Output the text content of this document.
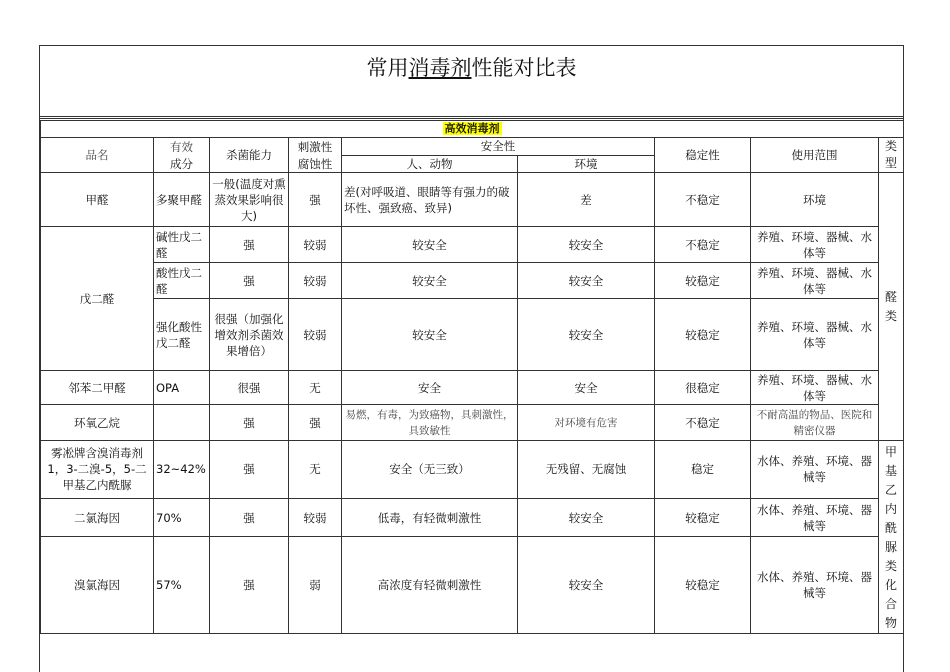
常用消毒剂性能对比表
高效消毒剂								
品名	有效	杀菌能力	刺激性	安全性		稳定性	使用范围	类型

	成分		腐蚀性	人、动物	环境			
甲醛	多聚甲醛	一般(温度对熏蒸效果影响很大)	强	差(对呼吸道、眼睛等有强力的破坏性、强致癌、致异)	差	不稳定	环境	醛类

戊二醛	碱性戊二醛	强	较弱	较安全	较安全	不稳定	养殖、环境、器械、水体等	
	酸性戊二醛	强	较弱	较安全	较安全	较稳定	养殖、环境、器械、水体等	
	强化酸性戊二醛	很强（加强化增效剂杀菌效果增倍）	较弱	较安全	较安全	较稳定	养殖、环境、器械、水体等	
邻苯二甲醛	OPA	很强	无	安全	安全	很稳定	养殖、环境、器械、水体等	
环氧乙烷		强	强	易燃，有毒，为致癌物，具刺激性，具致敏性	对环境有危害	不稳定	不耐高温的物品、医院和精密仪器	
雾凇牌含溴消毒剂1，3-二溴-5，5-二甲基乙内酰脲	32~42%	强	无	安全（无三致）	无残留、无腐蚀	稳定	水体、养殖、环境、器械等	甲基乙内酰脲类化合物

二氯海因	70%	强	较弱	低毒，有轻微刺激性	较安全	较稳定	水体、养殖、环境、器械等	
溴氯海因	57%	强	弱	高浓度有轻微刺激性	较安全	较稳定	水体、养殖、环境、器械等	
